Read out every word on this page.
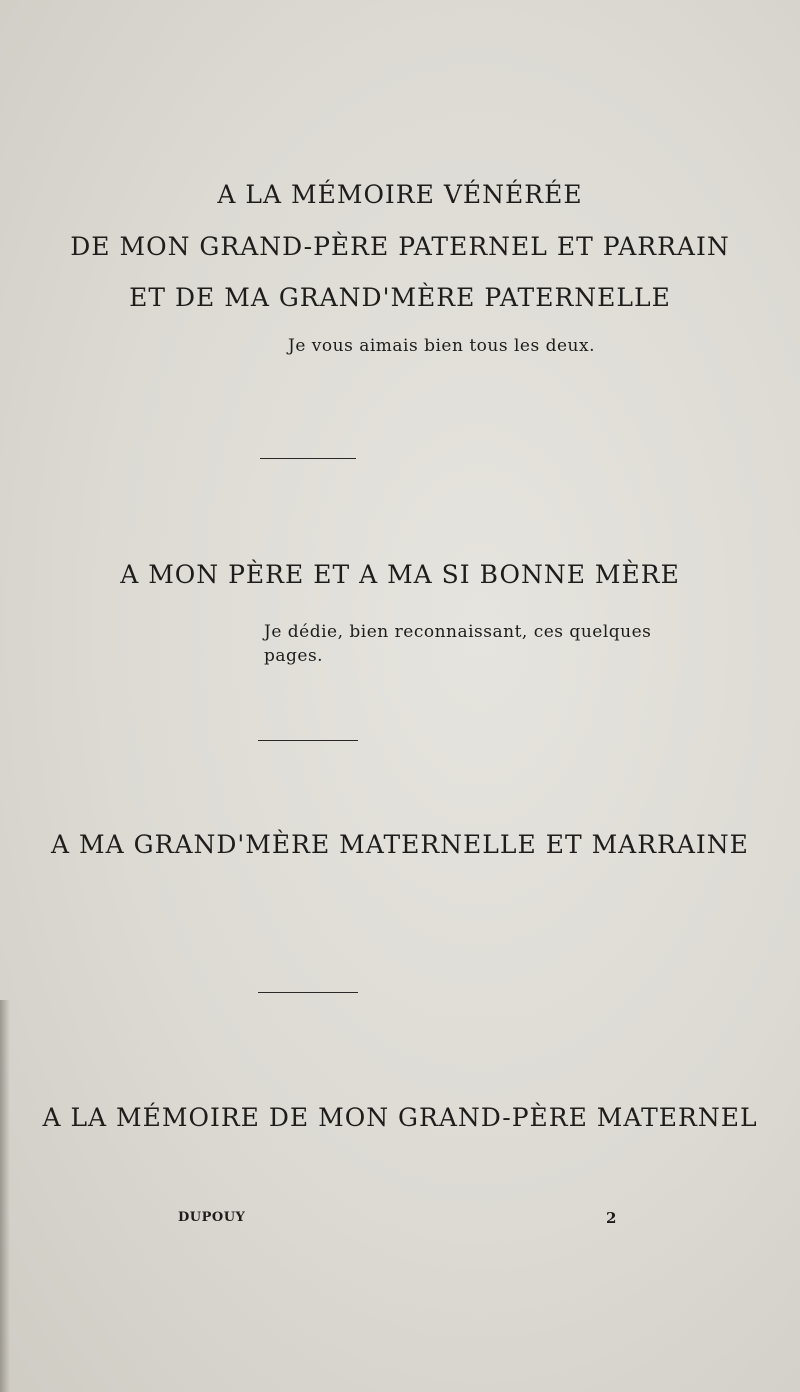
A LA MÉMOIRE VÉNÉRÉE
DE MON GRAND-PÈRE PATERNEL ET PARRAIN
ET DE MA GRAND'MÈRE PATERNELLE
Je vous aimais bien tous les deux.
A MON PÈRE ET A MA SI BONNE MÈRE
Je dédie, bien reconnaissant, ces quelques
pages.
A MA GRAND'MÈRE MATERNELLE ET MARRAINE
A LA MÉMOIRE DE MON GRAND-PÈRE MATERNEL
DUPOUY	2
